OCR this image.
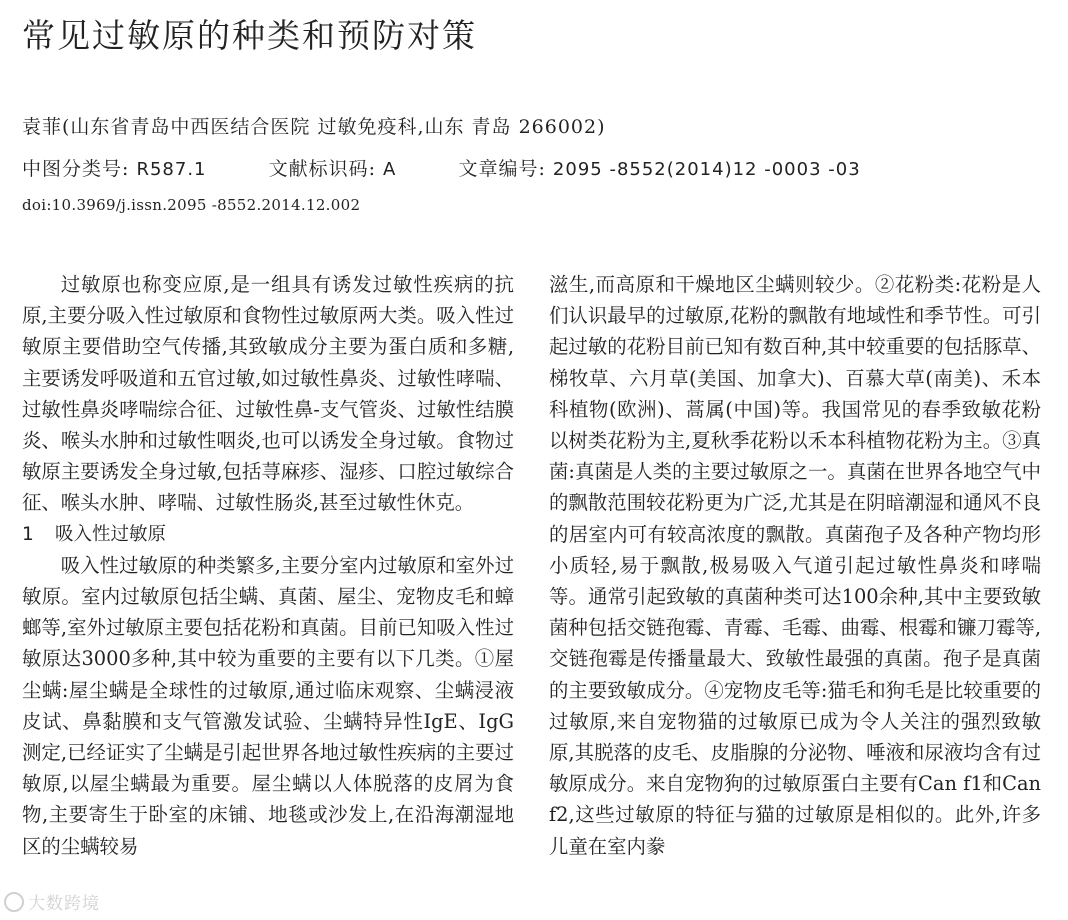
常见过敏原的种类和预防对策
袁菲(山东省青岛中西医结合医院 过敏免疫科,山东 青岛 266002)
中图分类号: R587.1	文献标识码: A	文章编号: 2095 -8552(2014)12 -0003 -03
doi:10.3969/j.issn.2095 -8552.2014.12.002

过敏原也称变应原,是一组具有诱发过敏性疾病的抗原,主要分吸入性过敏原和食物性过敏原两大类。吸入性过敏原主要借助空气传播,其致敏成分主要为蛋白质和多糖,主要诱发呼吸道和五官过敏,如过敏性鼻炎、过敏性哮喘、过敏性鼻炎哮喘综合征、过敏性鼻-支气管炎、过敏性结膜炎、喉头水肿和过敏性咽炎,也可以诱发全身过敏。食物过敏原主要诱发全身过敏,包括荨麻疹、湿疹、口腔过敏综合征、喉头水肿、哮喘、过敏性肠炎,甚至过敏性休克。

1 吸入性过敏原

吸入性过敏原的种类繁多,主要分室内过敏原和室外过敏原。室内过敏原包括尘螨、真菌、屋尘、宠物皮毛和蟑螂等,室外过敏原主要包括花粉和真菌。目前已知吸入性过敏原达3000多种,其中较为重要的主要有以下几类。①屋尘螨:屋尘螨是全球性的过敏原,通过临床观察、尘螨浸液皮试、鼻黏膜和支气管激发试验、尘螨特异性IgE、IgG测定,已经证实了尘螨是引起世界各地过敏性疾病的主要过敏原,以屋尘螨最为重要。屋尘螨以人体脱落的皮屑为食物,主要寄生于卧室的床铺、地毯或沙发上,在沿海潮湿地区的尘螨较易

滋生,而高原和干燥地区尘螨则较少。②花粉类:花粉是人们认识最早的过敏原,花粉的飘散有地域性和季节性。可引起过敏的花粉目前已知有数百种,其中较重要的包括豚草、梯牧草、六月草(美国、加拿大)、百慕大草(南美)、禾本科植物(欧洲)、蒿属(中国)等。我国常见的春季致敏花粉以树类花粉为主,夏秋季花粉以禾本科植物花粉为主。③真菌:真菌是人类的主要过敏原之一。真菌在世界各地空气中的飘散范围较花粉更为广泛,尤其是在阴暗潮湿和通风不良的居室内可有较高浓度的飘散。真菌孢子及各种产物均形小质轻,易于飘散,极易吸入气道引起过敏性鼻炎和哮喘等。通常引起致敏的真菌种类可达100余种,其中主要致敏菌种包括交链孢霉、青霉、毛霉、曲霉、根霉和镰刀霉等,交链孢霉是传播量最大、致敏性最强的真菌。孢子是真菌的主要致敏成分。④宠物皮毛等:猫毛和狗毛是比较重要的过敏原,来自宠物猫的过敏原已成为令人关注的强烈致敏原,其脱落的皮毛、皮脂腺的分泌物、唾液和尿液均含有过敏原成分。来自宠物狗的过敏原蛋白主要有Can f1和Can f2,这些过敏原的特征与猫的过敏原是相似的。此外,许多儿童在室内豢

大数跨境
